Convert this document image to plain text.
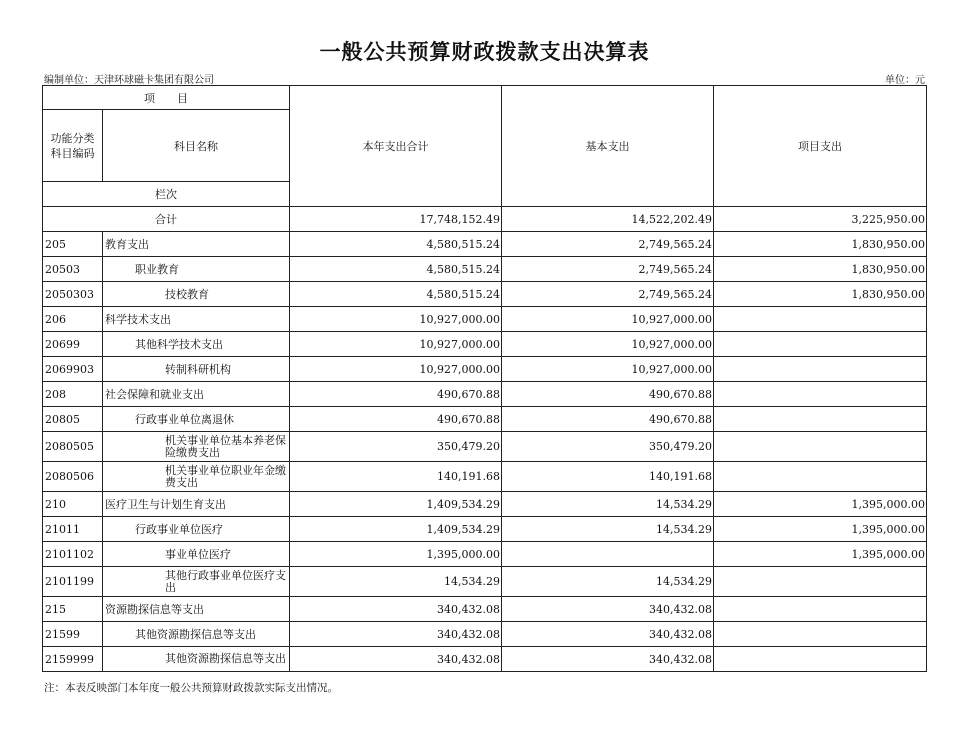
一般公共预算财政拨款支出决算表
编制单位：天津环球磁卡集团有限公司	单位：元
项　　目		本年支出合计	基本支出	项目支出	
功能分类
科目编码	科目名称				
栏次			
合计		17,748,152.49	14,522,202.49	3,225,950.00	
205	教育支出	4,580,515.24	2,749,565.24	1,830,950.00	
20503	职业教育	4,580,515.24	2,749,565.24	1,830,950.00	
2050303	技校教育	4,580,515.24	2,749,565.24	1,830,950.00	
206	科学技术支出	10,927,000.00	10,927,000.00		
20699	其他科学技术支出	10,927,000.00	10,927,000.00		
2069903	转制科研机构	10,927,000.00	10,927,000.00		
208	社会保障和就业支出	490,670.88	490,670.88		
20805	行政事业单位离退休	490,670.88	490,670.88		
2080505	机关事业单位基本养老保险缴费支出	350,479.20	350,479.20		
2080506	机关事业单位职业年金缴费支出	140,191.68	140,191.68		
210	医疗卫生与计划生育支出	1,409,534.29	14,534.29	1,395,000.00	
21011	行政事业单位医疗	1,409,534.29	14,534.29	1,395,000.00	
2101102	事业单位医疗	1,395,000.00		1,395,000.00	
2101199	其他行政事业单位医疗支出	14,534.29	14,534.29		
215	资源勘探信息等支出	340,432.08	340,432.08		
21599	其他资源勘探信息等支出	340,432.08	340,432.08		
2159999	其他资源勘探信息等支出	340,432.08	340,432.08		
注：本表反映部门本年度一般公共预算财政拨款实际支出情况。
